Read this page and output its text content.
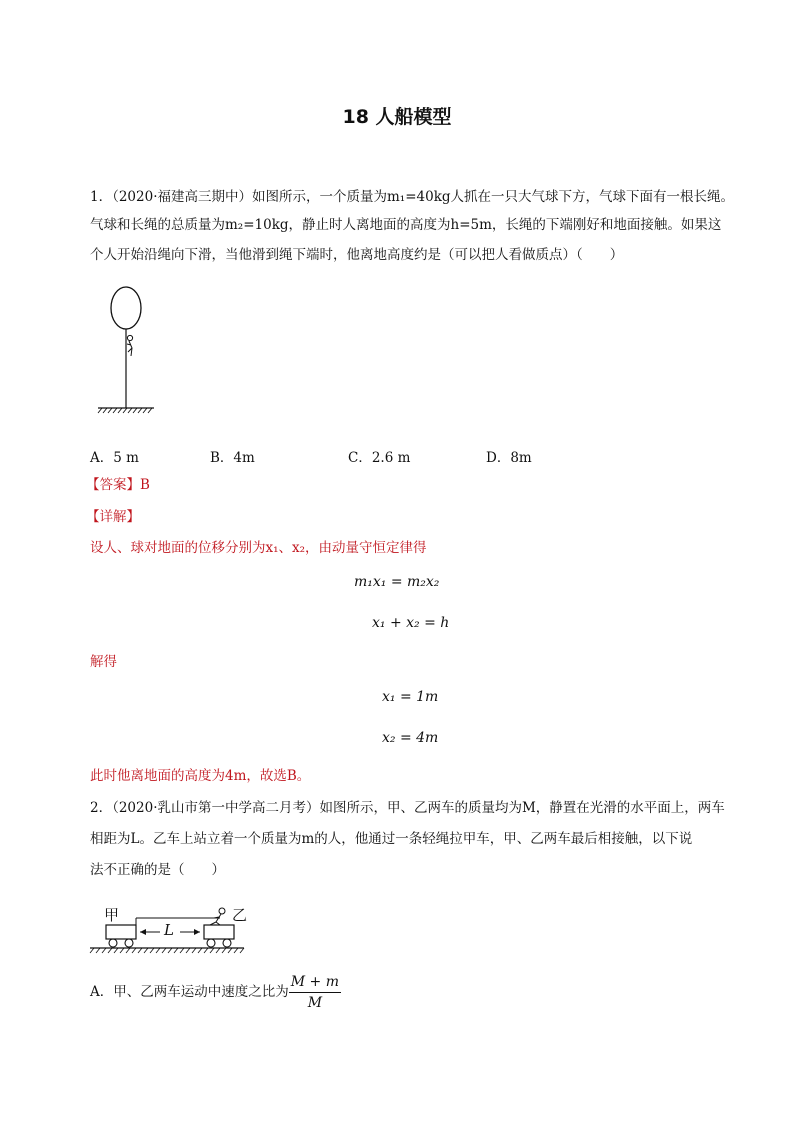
18 人船模型
1．（2020·福建高三期中）如图所示，一个质量为m₁=40kg人抓在一只大气球下方，气球下面有一根长绳。
气球和长绳的总质量为m₂=10kg，静止时人离地面的高度为h=5m，长绳的下端刚好和地面接触。如果这
个人开始沿绳向下滑，当他滑到绳下端时，他离地高度约是（可以把人看做质点）（　　）
A．5 m	B．4m	C．2.6 m	D．8m
【答案】B
【详解】
设人、球对地面的位移分别为x₁、x₂，由动量守恒定律得
m₁x₁ = m₂x₂
x₁ + x₂ = h
解得
x₁ = 1m
x₂ = 4m
此时他离地面的高度为4m，故选B。
2．（2020·乳山市第一中学高二月考）如图所示，甲、乙两车的质量均为M，静置在光滑的水平面上，两车
相距为L。乙车上站立着一个质量为m的人，他通过一条轻绳拉甲车，甲、乙两车最后相接触，以下说
法不正确的是（　　）
甲	乙
L
A．甲、乙两车运动中速度之比为 $\frac{M + m}{M}$
